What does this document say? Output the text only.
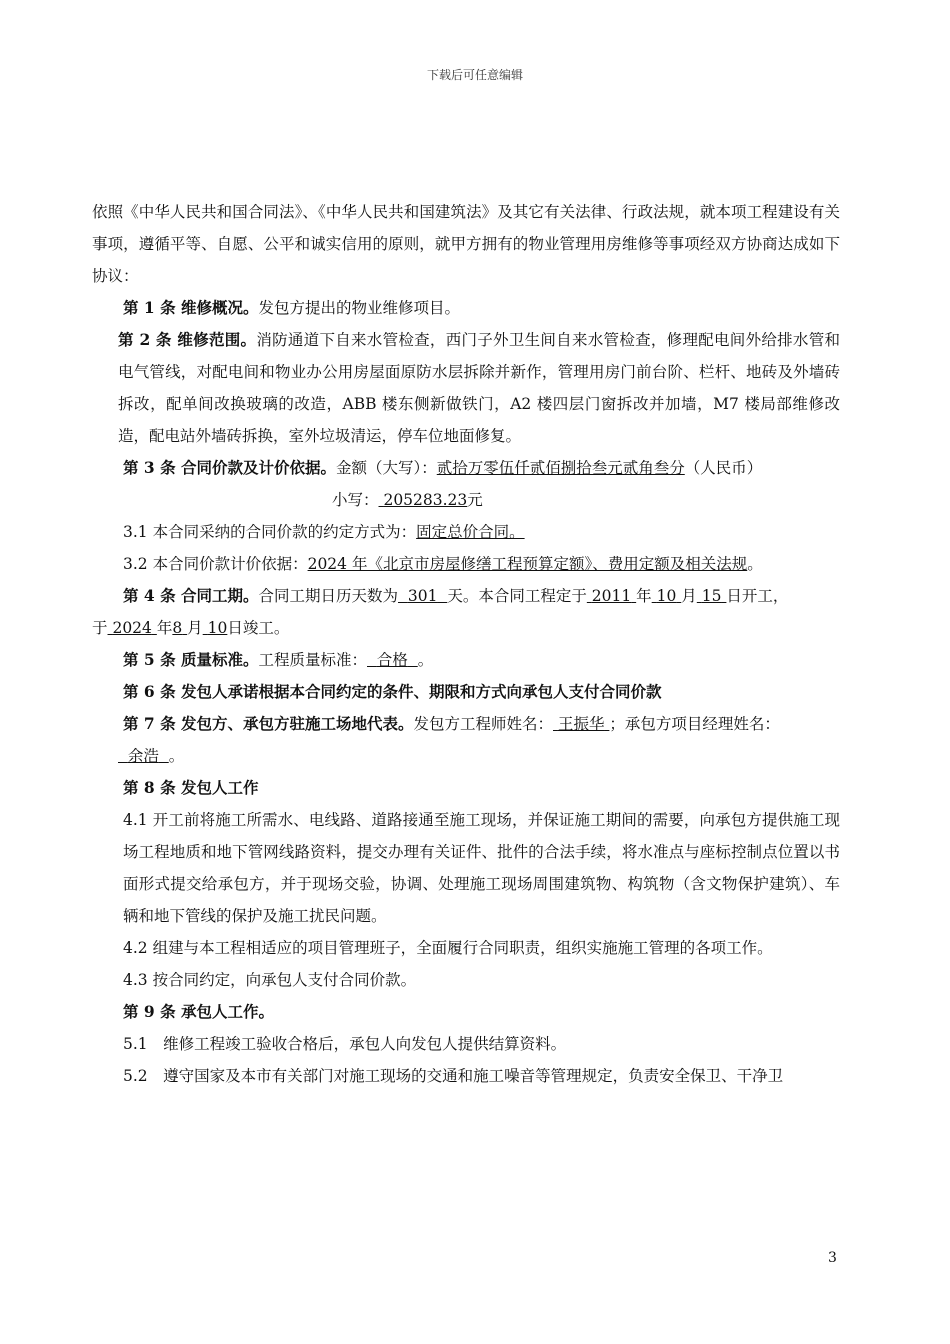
下载后可任意编辑

依照《中华人民共和国合同法》、《中华人民共和国建筑法》及其它有关法律、行政法规，就本项工程建设有关事项，遵循平等、自愿、公平和诚实信用的原则，就甲方拥有的物业管理用房维修等事项经双方协商达成如下协议：

第 1 条 维修概况。发包方提出的物业维修项目。

第 2 条 维修范围。消防通道下自来水管检查，西门子外卫生间自来水管检查，修理配电间外给排水管和电气管线，对配电间和物业办公用房屋面原防水层拆除并新作，管理用房门前台阶、栏杆、地砖及外墙砖拆改，配单间改换玻璃的改造，ABB 楼东侧新做铁门，A2 楼四层门窗拆改并加墙，M7 楼局部维修改造，配电站外墙砖拆换，室外垃圾清运，停车位地面修复。

第 3 条 合同价款及计价依据。金额（大写）：贰拾万零伍仟贰佰捌拾叁元贰角叁分（人民币）

小写： 205283.23元

3.1 本合同采纳的合同价款的约定方式为：固定总价合同。

3.2 本合同价款计价依据：2024 年《北京市房屋修缮工程预算定额》、费用定额及相关法规。

第 4 条 合同工期。合同工期日历天数为 301 天。本合同工程定于 2011 年 10 月 15 日开工，

于 2024 年8 月 10日竣工。

第 5 条 质量标准。工程质量标准： 合格 。

第 6 条 发包人承诺根据本合同约定的条件、期限和方式向承包人支付合同价款

第 7 条 发包方、承包方驻施工场地代表。发包方工程师姓名： 王振华 ；承包方项目经理姓名：

余浩 。

第 8 条 发包人工作

4.1 开工前将施工所需水、电线路、道路接通至施工现场，并保证施工期间的需要，向承包方提供施工现场工程地质和地下管网线路资料，提交办理有关证件、批件的合法手续，将水准点与座标控制点位置以书面形式提交给承包方，并于现场交验，协调、处理施工现场周围建筑物、构筑物（含文物保护建筑）、车辆和地下管线的保护及施工扰民问题。

4.2 组建与本工程相适应的项目管理班子，全面履行合同职责，组织实施施工管理的各项工作。

4.3 按合同约定，向承包人支付合同价款。

第 9 条 承包人工作。

5.1　维修工程竣工验收合格后，承包人向发包人提供结算资料。

5.2　遵守国家及本市有关部门对施工现场的交通和施工噪音等管理规定，负责安全保卫、干净卫

3
